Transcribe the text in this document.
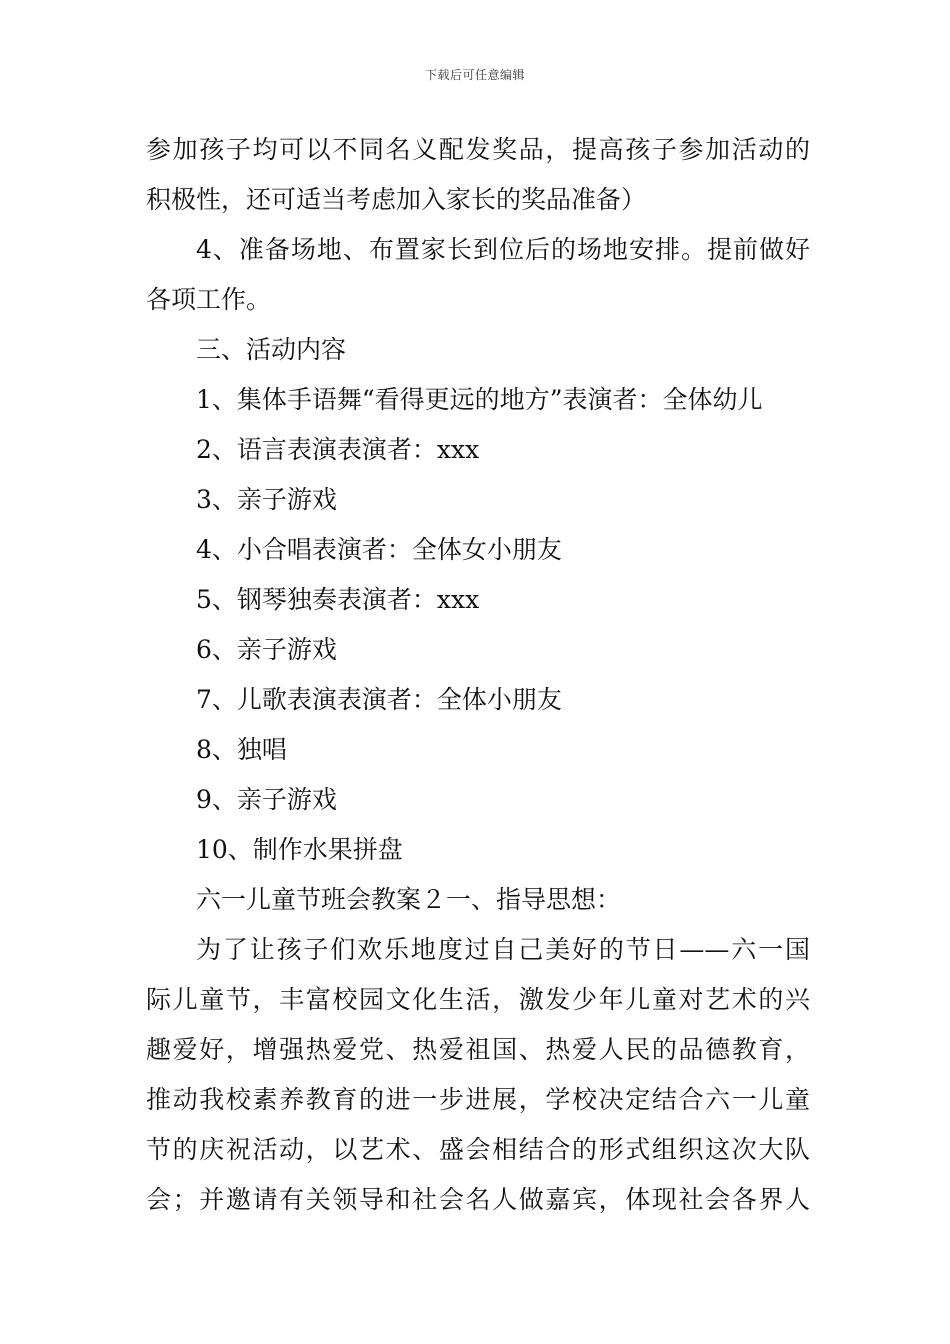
下载后可任意编辑
参加孩子均可以不同名义配发奖品，提高孩子参加活动的
积极性，还可适当考虑加入家长的奖品准备）
4、准备场地、布置家长到位后的场地安排。提前做好
各项工作。
三、活动内容
1、集体手语舞“看得更远的地方”表演者：全体幼儿
2、语言表演表演者：xxx
3、亲子游戏
4、小合唱表演者：全体女小朋友
5、钢琴独奏表演者：xxx
6、亲子游戏
7、儿歌表演表演者：全体小朋友
8、独唱
9、亲子游戏
10、制作水果拼盘
六一儿童节班会教案２一、指导思想：
为了让孩子们欢乐地度过自己美好的节日——六一国
际儿童节，丰富校园文化生活，激发少年儿童对艺术的兴
趣爱好，增强热爱党、热爱祖国、热爱人民的品德教育，
推动我校素养教育的进一步进展，学校决定结合六一儿童
节的庆祝活动，以艺术、盛会相结合的形式组织这次大队
会；并邀请有关领导和社会名人做嘉宾，体现社会各界人
